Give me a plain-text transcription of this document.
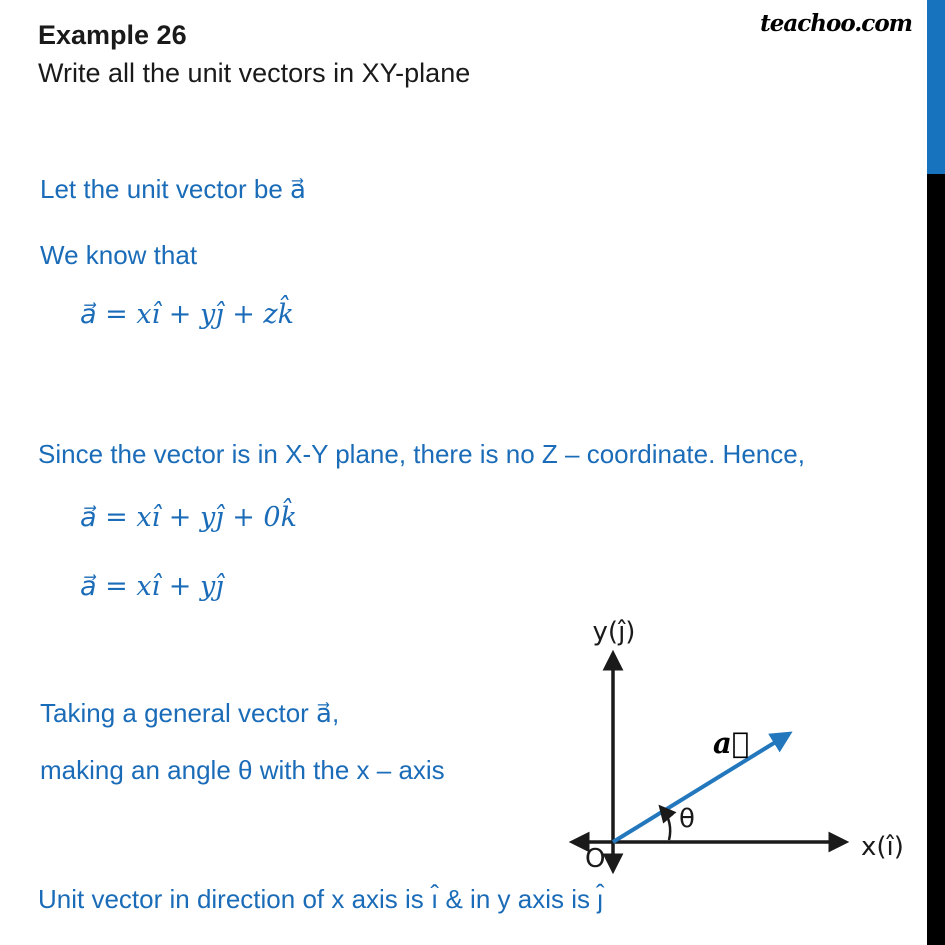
Example 26
Write all the unit vectors in XY-plane
teachoo.com
Let the unit vector be a⃗
We know that
a⃗ = xı̂ + yȷ̂ + zk̂
Since the vector is in X-Y plane, there is no Z – coordinate. Hence,
a⃗ = xı̂ + yȷ̂ + 0k̂
a⃗ = xı̂ + yȷ̂
Taking a general vector a⃗,
making an angle θ with the x – axis
Unit vector in direction of x axis is ı̂ & in y axis is ȷ̂
y(ȷ̂)
x(ı̂)
O
θ
a⃗
